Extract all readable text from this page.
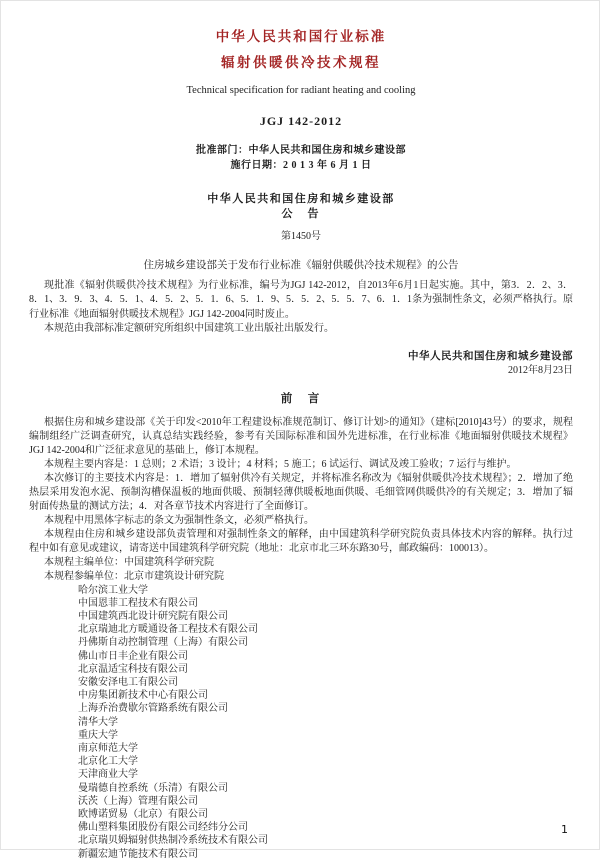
中华人民共和国行业标准
辐射供暖供冷技术规程
Technical specification for radiant heating and cooling
JGJ 142-2012
批准部门：中华人民共和国住房和城乡建设部
施行日期：2 0 1 3 年 6 月 1 日
中华人民共和国住房和城乡建设部
公　告
第1450号
住房城乡建设部关于发布行业标准《辐射供暖供冷技术规程》的公告

现批准《辐射供暖供冷技术规程》为行业标准，编号为JGJ 142-2012，自2013年6月1日起实施。其中，第3．2．2、3．8．1、3．9．3、4．5．1、4．5．2、5．1．6、5．1．9、5．5．2、5．5．7、6．1．1条为强制性条文，必须严格执行。原行业标准《地面辐射供暖技术规程》JGJ 142-2004同时废止。

本规范由我部标准定额研究所组织中国建筑工业出版社出版发行。

中华人民共和国住房和城乡建设部
2012年8月23日
前　言

根据住房和城乡建设部《关于印发<2010年工程建设标准规范制订、修订计划>的通知》（建标[2010]43号）的要求，规程编制组经广泛调查研究，认真总结实践经验，参考有关国际标准和国外先进标准，在行业标准《地面辐射供暖技术规程》JGJ 142-2004和广泛征求意见的基础上，修订本规程。

本规程主要内容是：1 总则；2 术语；3 设计；4 材料；5 施工；6 试运行、调试及竣工验收；7 运行与维护。

本次修订的主要技术内容是：1．增加了辐射供冷有关规定，并将标准名称改为《辐射供暖供冷技术规程》；2．增加了绝热层采用发泡水泥、预制沟槽保温板的地面供暖、预制轻薄供暖板地面供暖、毛细管网供暖供冷的有关规定；3．增加了辐射面传热量的测试方法；4．对各章节技术内容进行了全面修订。

本规程中用黑体字标志的条文为强制性条文，必须严格执行。

本规程由住房和城乡建设部负责管理和对强制性条文的解释，由中国建筑科学研究院负责具体技术内容的解释。执行过程中如有意见或建议，请寄送中国建筑科学研究院（地址：北京市北三环东路30号，邮政编码：100013）。

本规程主编单位：中国建筑科学研究院

本规程参编单位：北京市建筑设计研究院

哈尔滨工业大学
中国恩菲工程技术有限公司
中国建筑西北设计研究院有限公司
北京瑞迪北方暖通设备工程技术有限公司
丹佛斯自动控制管理（上海）有限公司
佛山市日丰企业有限公司
北京温适宝科技有限公司
安徽安泽电工有限公司
中房集团新技术中心有限公司
上海乔治费歇尔管路系统有限公司
清华大学
重庆大学
南京师范大学
北京化工大学
天津商业大学
曼瑞德自控系统（乐清）有限公司
沃茨（上海）管理有限公司
欧博诺贸易（北京）有限公司
佛山塑料集团股份有限公司经纬分公司
北京瑞贝姆辐射供热制冷系统技术有限公司
新疆宏迪节能技术有限公司
1
